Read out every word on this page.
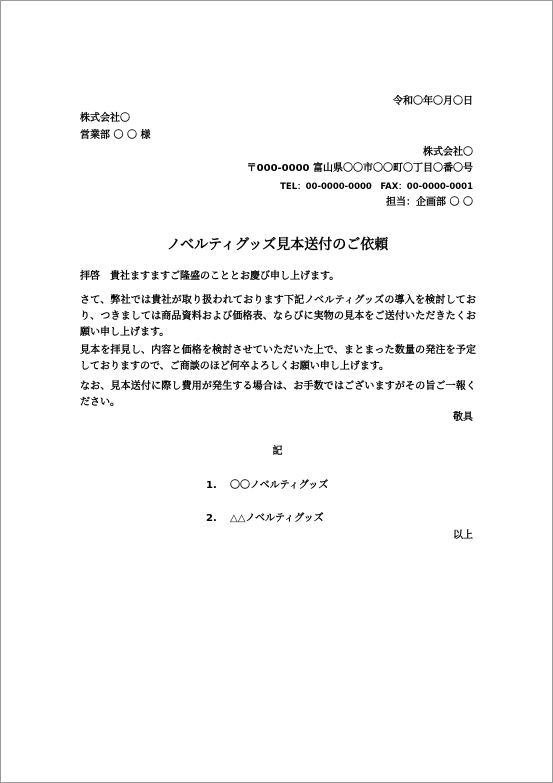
令和〇年〇月〇日
株式会社〇
営業部 〇 〇 様
株式会社〇
〒000-0000 富山県〇〇市〇〇町〇丁目〇番〇号
TEL：00-0000-0000　FAX：00-0000-0001
担当：企画部 〇 〇
ノベルティグッズ見本送付のご依頼
拝啓　貴社ますますご隆盛のこととお慶び申し上げます。
さて、弊社では貴社が取り扱われております下記ノベルティグッズの導入を検討しており、つきましては商品資料および価格表、ならびに実物の見本をご送付いただきたくお願い申し上げます。
見本を拝見し、内容と価格を検討させていただいた上で、まとまった数量の発注を予定しておりますので、ご商談のほど何卒よろしくお願い申し上げます。
なお、見本送付に際し費用が発生する場合は、お手数ではございますがその旨ご一報ください。
敬具
記
1. 〇〇ノベルティグッズ
2. △△ノベルティグッズ
以上
